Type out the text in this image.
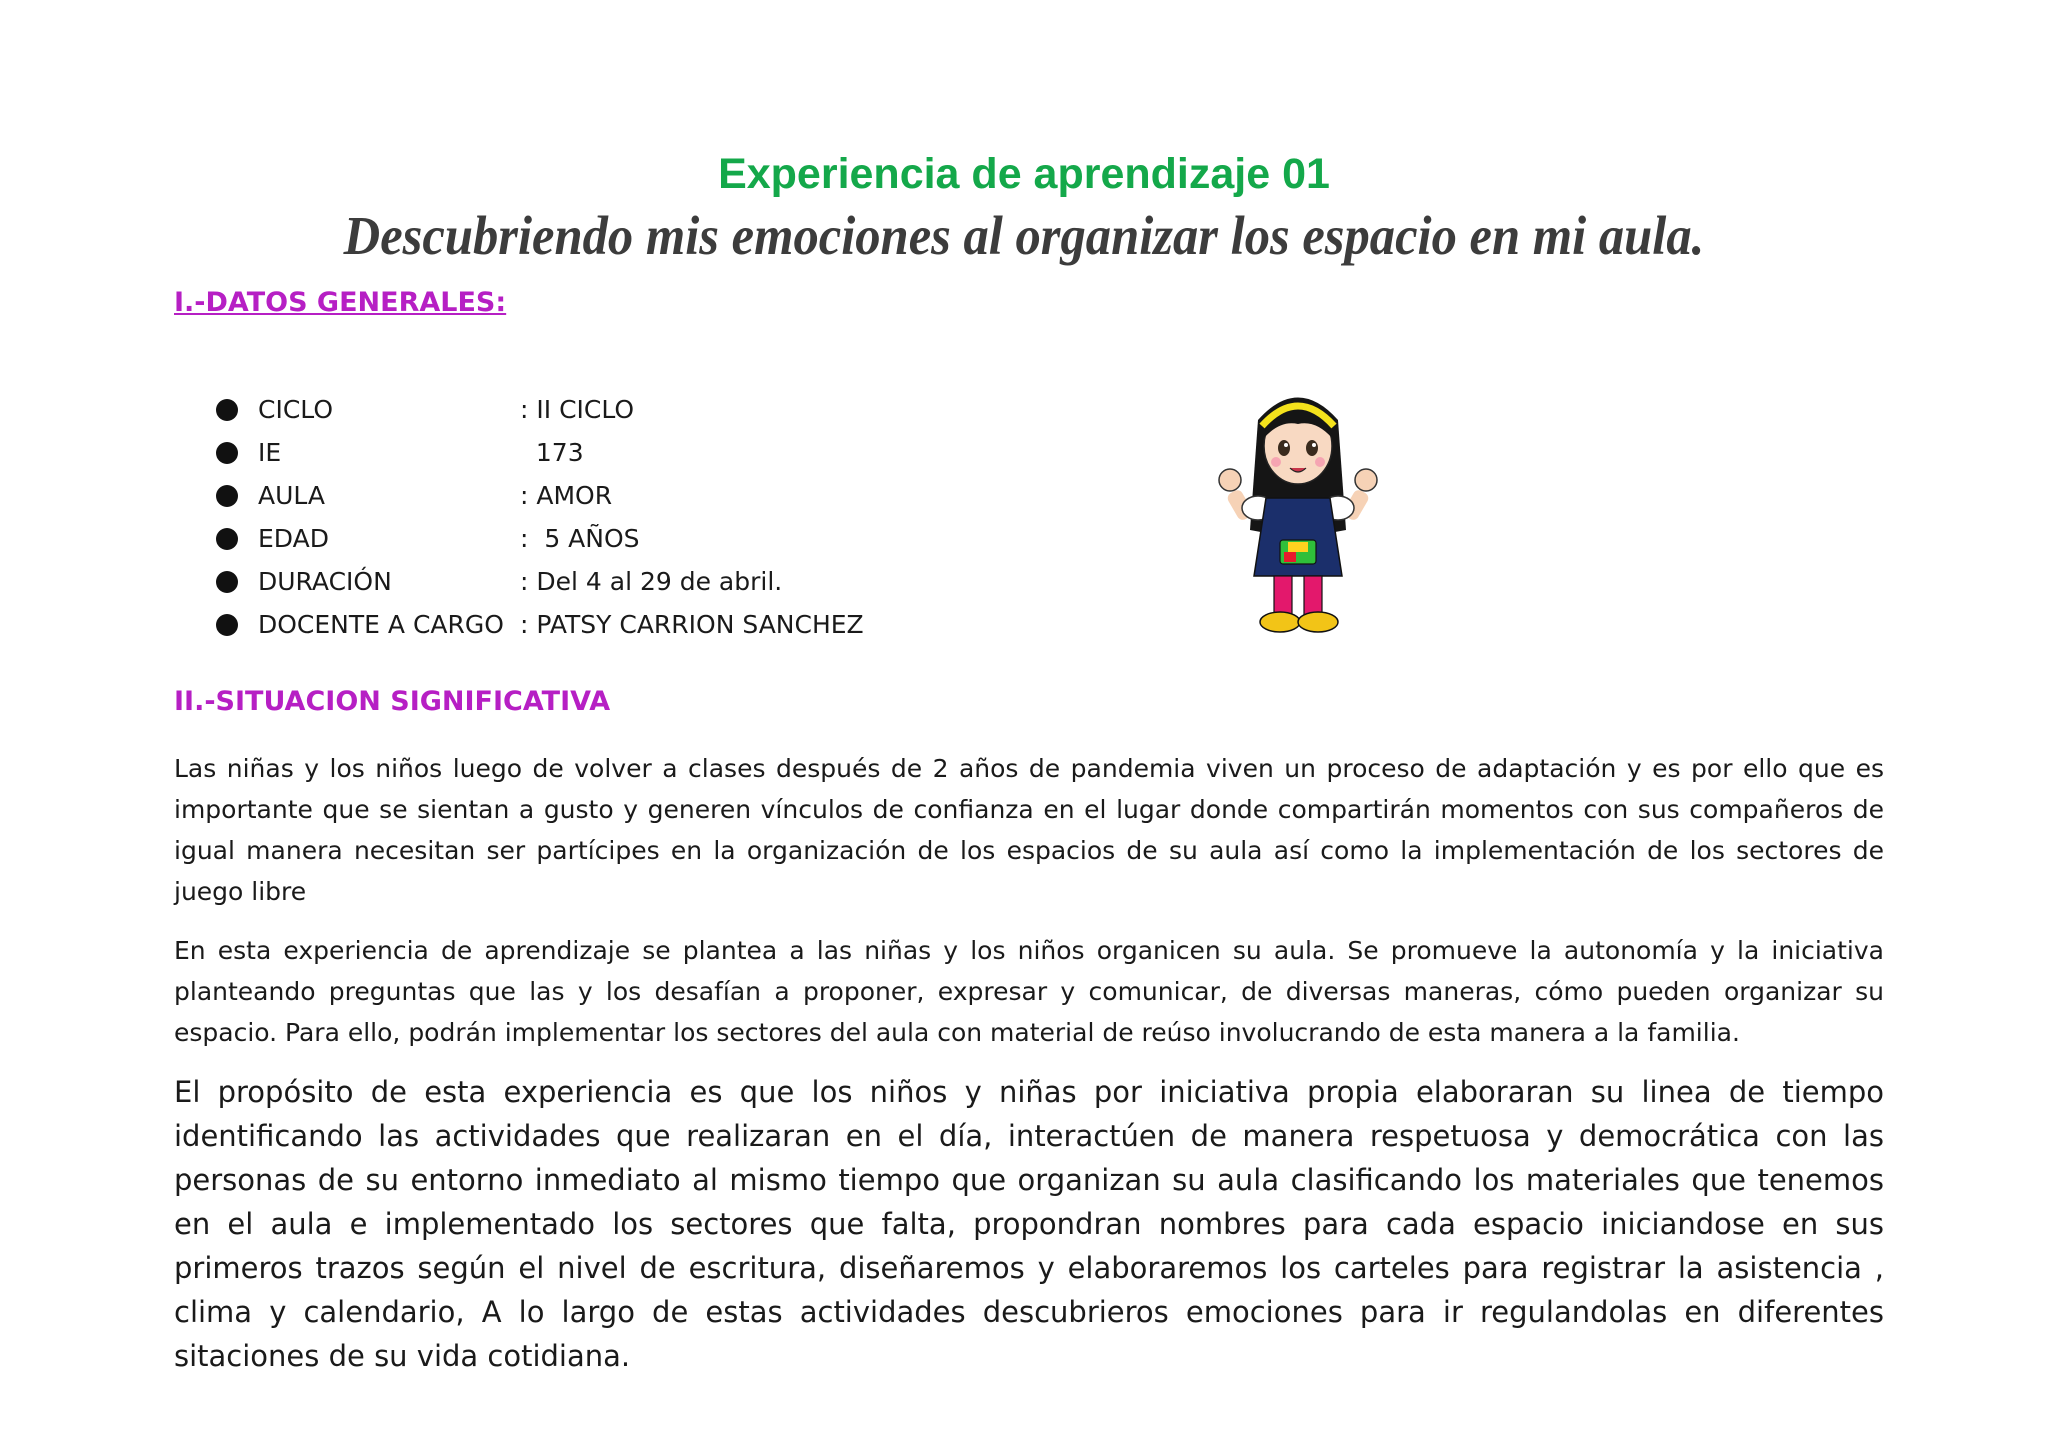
Experiencia de aprendizaje 01
Descubriendo mis emociones al organizar los espacio en mi aula.
I.-DATOS GENERALES:
CICLO	: II CICLO
IE	173
AULA	: AMOR
EDAD	:  5 AÑOS
DURACIÓN	: Del 4 al 29 de abril.
DOCENTE A CARGO : PATSY CARRION SANCHEZ
II.-SITUACION SIGNIFICATIVA

Las niñas y los niños luego de volver a clases después de 2 años de pandemia viven un proceso de adaptación y es por ello que es importante que se sientan a gusto y generen vínculos de confianza en el lugar donde compartirán momentos con sus compañeros de igual manera necesitan ser partícipes en la organización de los espacios de su aula así como la implementación de los sectores de juego libre

En esta experiencia de aprendizaje se plantea a las niñas y los niños organicen su aula. Se promueve la autonomía y la iniciativa planteando preguntas que las y los desafían a proponer, expresar y comunicar, de diversas maneras, cómo pueden organizar su espacio. Para ello, podrán implementar los sectores del aula con material de reúso involucrando de esta manera a la familia.

El propósito de esta experiencia es que los niños y niñas por iniciativa propia elaboraran su linea de tiempo identificando las actividades que realizaran en el día, interactúen de manera respetuosa y democrática con las personas de su entorno inmediato al mismo tiempo que organizan su aula clasificando los materiales que tenemos en el aula e implementado los sectores que falta, propondran nombres para cada espacio iniciandose en sus primeros trazos según el nivel de escritura, diseñaremos y elaboraremos los carteles para registrar la asistencia , clima y calendario, A lo largo de estas actividades descubrieros emociones para ir regulandolas en diferentes sitaciones de su vida cotidiana.
